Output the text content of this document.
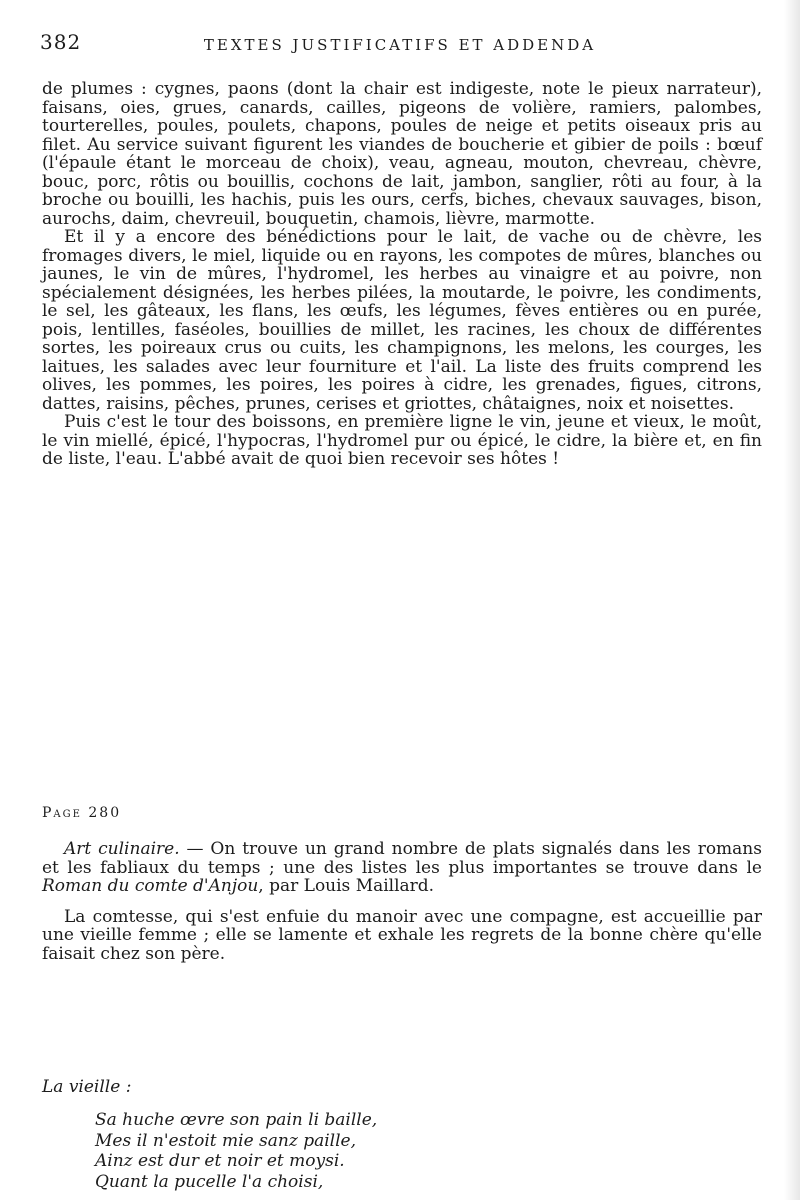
382	TEXTES JUSTIFICATIFS ET ADDENDA

de plumes : cygnes, paons (dont la chair est indigeste, note le pieux narrateur), faisans, oies, grues, canards, cailles, pigeons de volière, ramiers, palombes, tourterelles, poules, poulets, chapons, poules de neige et petits oiseaux pris au filet. Au service suivant figurent les viandes de boucherie et gibier de poils : bœuf (l'épaule étant le morceau de choix), veau, agneau, mouton, chevreau, chèvre, bouc, porc, rôtis ou bouillis, cochons de lait, jambon, sanglier, rôti au four, à la broche ou bouilli, les hachis, puis les ours, cerfs, biches, chevaux sauvages, bison, aurochs, daim, chevreuil, bouquetin, chamois, lièvre, marmotte.

Et il y a encore des bénédictions pour le lait, de vache ou de chèvre, les fromages divers, le miel, liquide ou en rayons, les compotes de mûres, blanches ou jaunes, le vin de mûres, l'hydromel, les herbes au vinaigre et au poivre, non spécialement désignées, les herbes pilées, la moutarde, le poivre, les condiments, le sel, les gâteaux, les flans, les œufs, les légumes, fèves entières ou en purée, pois, lentilles, faséoles, bouillies de millet, les racines, les choux de différentes sortes, les poireaux crus ou cuits, les champignons, les melons, les courges, les laitues, les salades avec leur fourniture et l'ail. La liste des fruits comprend les olives, les pommes, les poires, les poires à cidre, les grenades, figues, citrons, dattes, raisins, pêches, prunes, cerises et griottes, châtaignes, noix et noisettes.

Puis c'est le tour des boissons, en première ligne le vin, jeune et vieux, le moût, le vin miellé, épicé, l'hypocras, l'hydromel pur ou épicé, le cidre, la bière et, en fin de liste, l'eau. L'abbé avait de quoi bien recevoir ses hôtes !

Page 280

Art culinaire. — On trouve un grand nombre de plats signalés dans les romans et les fabliaux du temps ; une des listes les plus importantes se trouve dans le Roman du comte d'Anjou, par Louis Maillard.

La comtesse, qui s'est enfuie du manoir avec une compagne, est accueillie par une vieille femme ; elle se lamente et exhale les regrets de la bonne chère qu'elle faisait chez son père.

La vieille :
Sa huche œvre son pain li baille,
Mes il n'estoit mie sanz paille,
Ainz est dur et noir et moysi.
Quant la pucelle l'a choisi,
